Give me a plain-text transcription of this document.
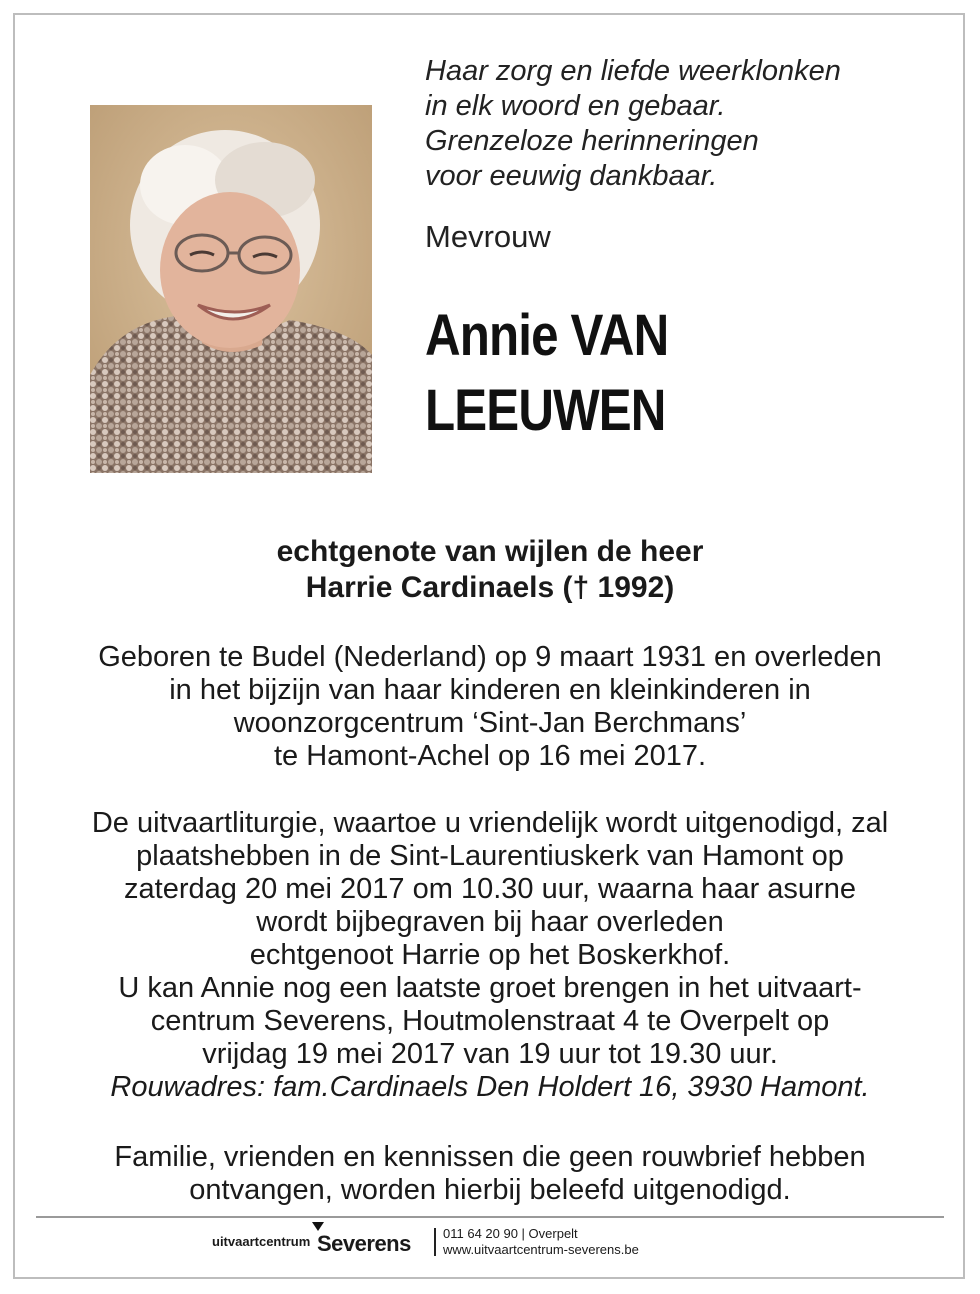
Haar zorg en liefde weerklonken
in elk woord en gebaar.
Grenzeloze herinneringen
voor eeuwig dankbaar.
Mevrouw
Annie VAN
LEEUWEN
echtgenote van wijlen de heer
Harrie Cardinaels († 1992)
Geboren te Budel (Nederland) op 9 maart 1931 en overleden
in het bijzijn van haar kinderen en kleinkinderen in
woonzorgcentrum ‘Sint-Jan Berchmans’
te Hamont-Achel op 16 mei 2017.
De uitvaartliturgie, waartoe u vriendelijk wordt uitgenodigd, zal
plaatshebben in de Sint-Laurentiuskerk van Hamont op
zaterdag 20 mei 2017 om 10.30 uur, waarna haar asurne
wordt bijbegraven bij haar overleden
echtgenoot Harrie op het Boskerkhof.
U kan Annie nog een laatste groet brengen in het uitvaart-
centrum Severens, Houtmolenstraat 4 te Overpelt op
vrijdag 19 mei 2017 van 19 uur tot 19.30 uur.
Rouwadres: fam.Cardinaels Den Holdert 16, 3930 Hamont.
Familie, vrienden en kennissen die geen rouwbrief hebben
ontvangen, worden hierbij beleefd uitgenodigd.
uitvaartcentrum Severens 011 64 20 90 | Overpelt
www.uitvaartcentrum-severens.be
